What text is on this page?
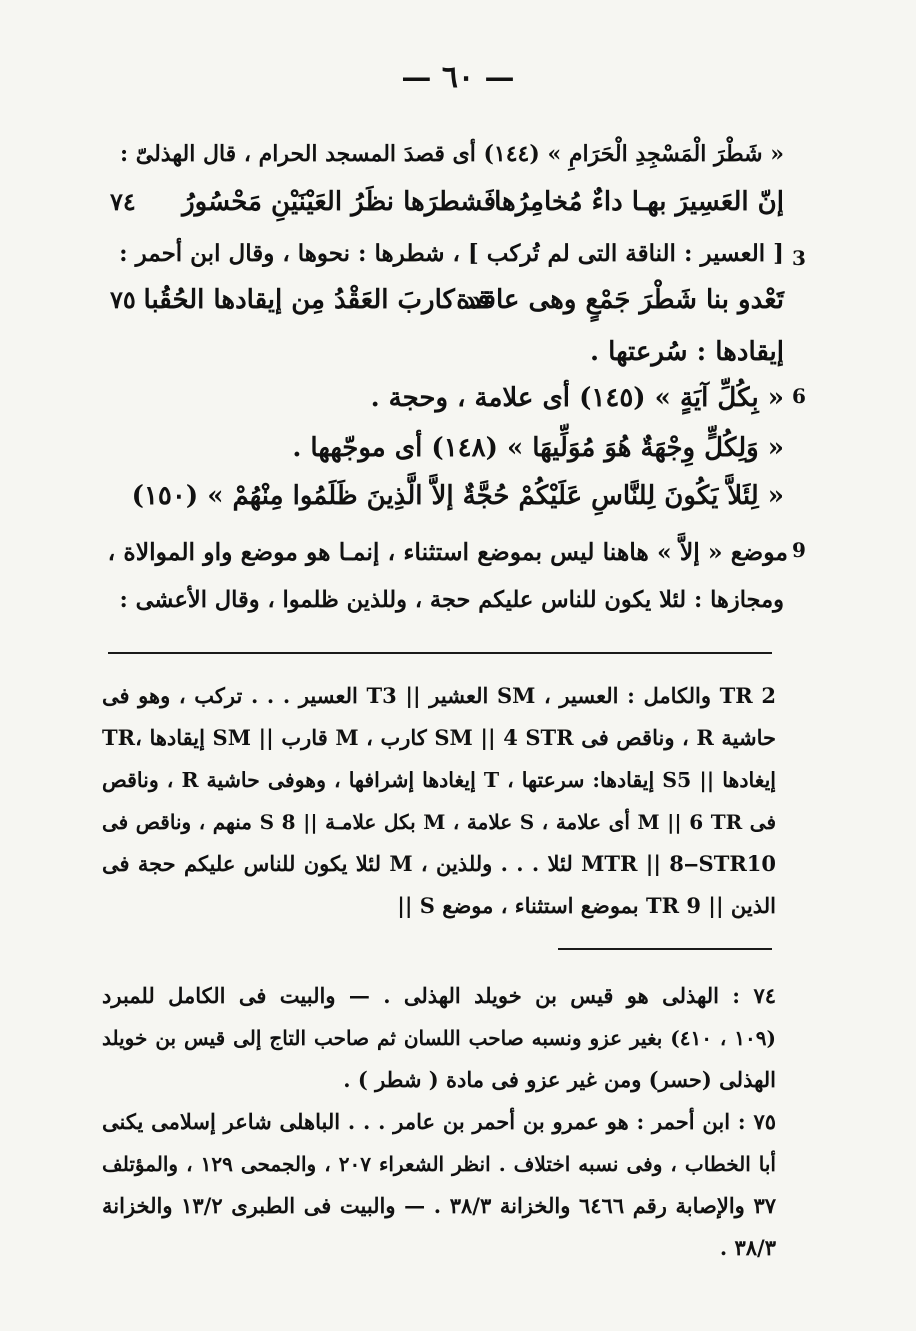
— ٦٠ —
« شَطْرَ الْمَسْجِدِ الْحَرَامِ » (١٤٤) أى قصدَ المسجد الحرام ، قال الهذلىّ :
إنّ العَسِيرَ بهـا داءٌ مُخامِرُها
فَشطرَها نظَرُ العَيْنَيْنِ مَحْسُورُ
٧٤
[ العسير : الناقة التى لم تُركب ] ، شطرها : نحوها ، وقال ابن أحمر : 3
تَعْدو بنا شَطْرَ جَمْعٍ وهى عاقدة
قد كاربَ العَقْدُ مِن إيقادها الحُقُبا
٧٥
إيقادها : سُرعتها .
« بِكُلِّ آيَةٍ » (١٤٥) أى علامة ، وحجة . 6
« وَلِكُلٍّ وِجْهَةٌ هُوَ مُوَلِّيهَا » (١٤٨) أى موجّهها .
« لِئَلاَّ يَكُونَ لِلنَّاسِ عَلَيْكُمْ حُجَّةٌ إلاَّ الَّذِينَ ظَلَمُوا مِنْهُمْ » (١٥٠)
موضع « إلاَّ » هاهنا ليس بموضع استثناء ، إنمـا هو موضع واو الموالاة ، 9
ومجازها : لئلا يكون للناس عليكم حجة ، وللذين ظلموا ، وقال الأعشى :
2 TR والكامل : العسير ، SM العشير || T3 العسير . . . تركب ، وهو فى
حاشية R ، وناقص فى SM || 4 STR كارب ، M قارب || SM إيقادها ،TR
إيغادها || S5 إيقادها: سرعتها ، T إيغادها إشرافها ، وهوفى حاشية R ، وناقص
فى M || 6 TR أى علامة ، S علامة ، M بكل علامـة || 8 S منهم ، وناقص فى
MTR || 8‒STR10 لئلا . . . وللذين ، M لئلا يكون للناس عليكم حجة فى
الذين || 9 TR بموضع استثناء ، موضع S ||
٧٤ : الهذلى هو قيس بن خويلد الهذلى . — والبيت فى الكامل للمبرد
(١٠٩ ، ٤١٠) بغير عزو ونسبه صاحب اللسان ثم صاحب التاج إلى قيس بن خويلد
الهذلى (حسر) ومن غير عزو فى مادة ( شطر ) .
٧٥ : ابن أحمر : هو عمرو بن أحمر بن عامر . . . الباهلى شاعر إسلامى يكنى
أبا الخطاب ، وفى نسبه اختلاف . انظر الشعراء ٢٠٧ ، والجمحى ١٢٩ ، والمؤتلف
٣٧ والإصابة رقم ٦٤٦٦ والخزانة ٣٨/٣ . — والبيت فى الطبرى ١٣/٢ والخزانة
٣٨/٣ .
